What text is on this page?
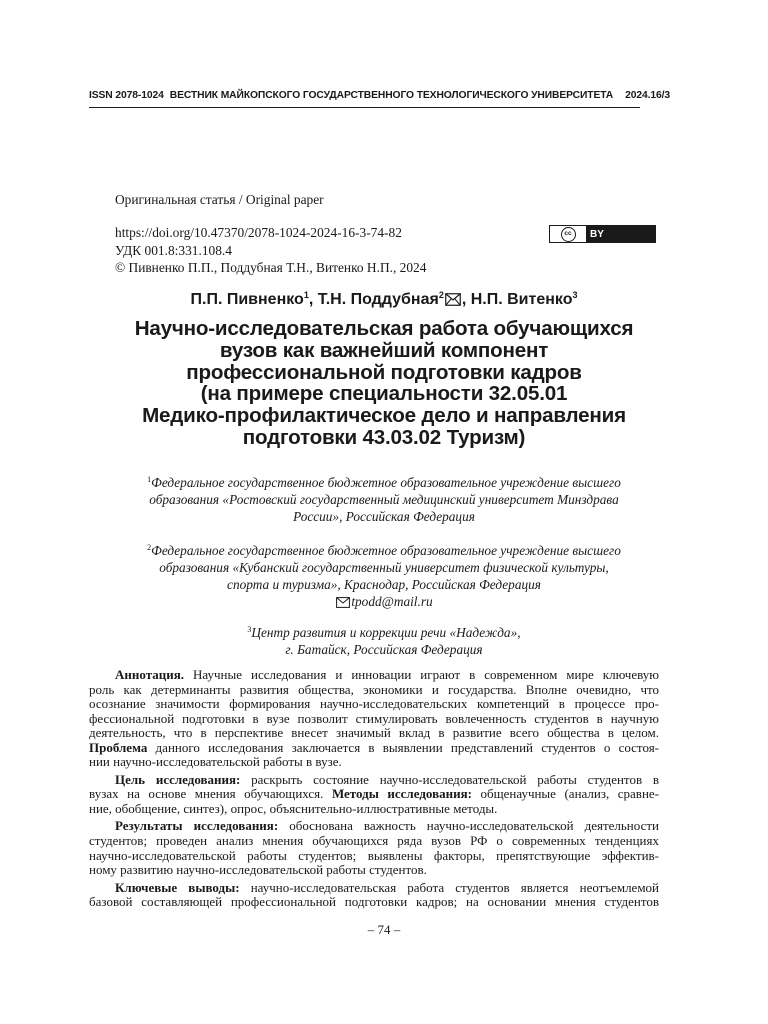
ISSN 2078-1024 ВЕСТНИК МАЙКОПСКОГО ГОСУДАРСТВЕННОГО ТЕХНОЛОГИЧЕСКОГО УНИВЕРСИТЕТА 2024.16/3
Оригинальная статья / Original paper
https://doi.org/10.47370/2078-1024-2024-16-3-74-82
УДК 001.8:331.108.4
© Пивненко П.П., Поддубная Т.Н., Витенко Н.П., 2024
cc	BY
П.П. Пивненко$^1$, Т.Н. Поддубная$^2$ , Н.П. Витенко$^3$
Научно-исследовательская работа обучающихся
вузов как важнейший компонент
профессиональной подготовки кадров
(на примере специальности 32.05.01
Медико-профилактическое дело и направления
подготовки 43.03.02 Туризм)
$^1$Федеральное государственное бюджетное образовательное учреждение высшего
образования «Ростовский государственный медицинский университет Минздрава
России», Российская Федерация
$^2$Федеральное государственное бюджетное образовательное учреждение высшего
образования «Кубанский государственный университет физической культуры,
спорта и туризма», Краснодар, Российская Федерация
tpodd@mail.ru
$^3$Центр развития и коррекции речи «Надежда»,
г. Батайск, Российская Федерация
Аннотация. Научные исследования и инновации играют в современном мире ключевую
роль как детерминанты развития общества, экономики и государства. Вполне очевидно, что
осознание значимости формирования научно-исследовательских компетенций в процессе про-
фессиональной подготовки в вузе позволит стимулировать вовлеченность студентов в научную
деятельность, что в перспективе внесет значимый вклад в развитие всего общества в целом.
Проблема данного исследования заключается в выявлении представлений студентов о состоя-
нии научно-исследовательской работы в вузе.
Цель исследования: раскрыть состояние научно-исследовательской работы студентов в
вузах на основе мнения обучающихся. Методы исследования: общенаучные (анализ, сравне-
ние, обобщение, синтез), опрос, объяснительно-иллюстративные методы.
Результаты исследования: обоснована важность научно-исследовательской деятельности
студентов; проведен анализ мнения обучающихся ряда вузов РФ о современных тенденциях
научно-исследовательской работы студентов; выявлены факторы, препятствующие эффектив-
ному развитию научно-исследовательской работы студентов.
Ключевые выводы: научно-исследовательская работа студентов является неотъемлемой
базовой составляющей профессиональной подготовки кадров; на основании мнения студентов
– 74 –
